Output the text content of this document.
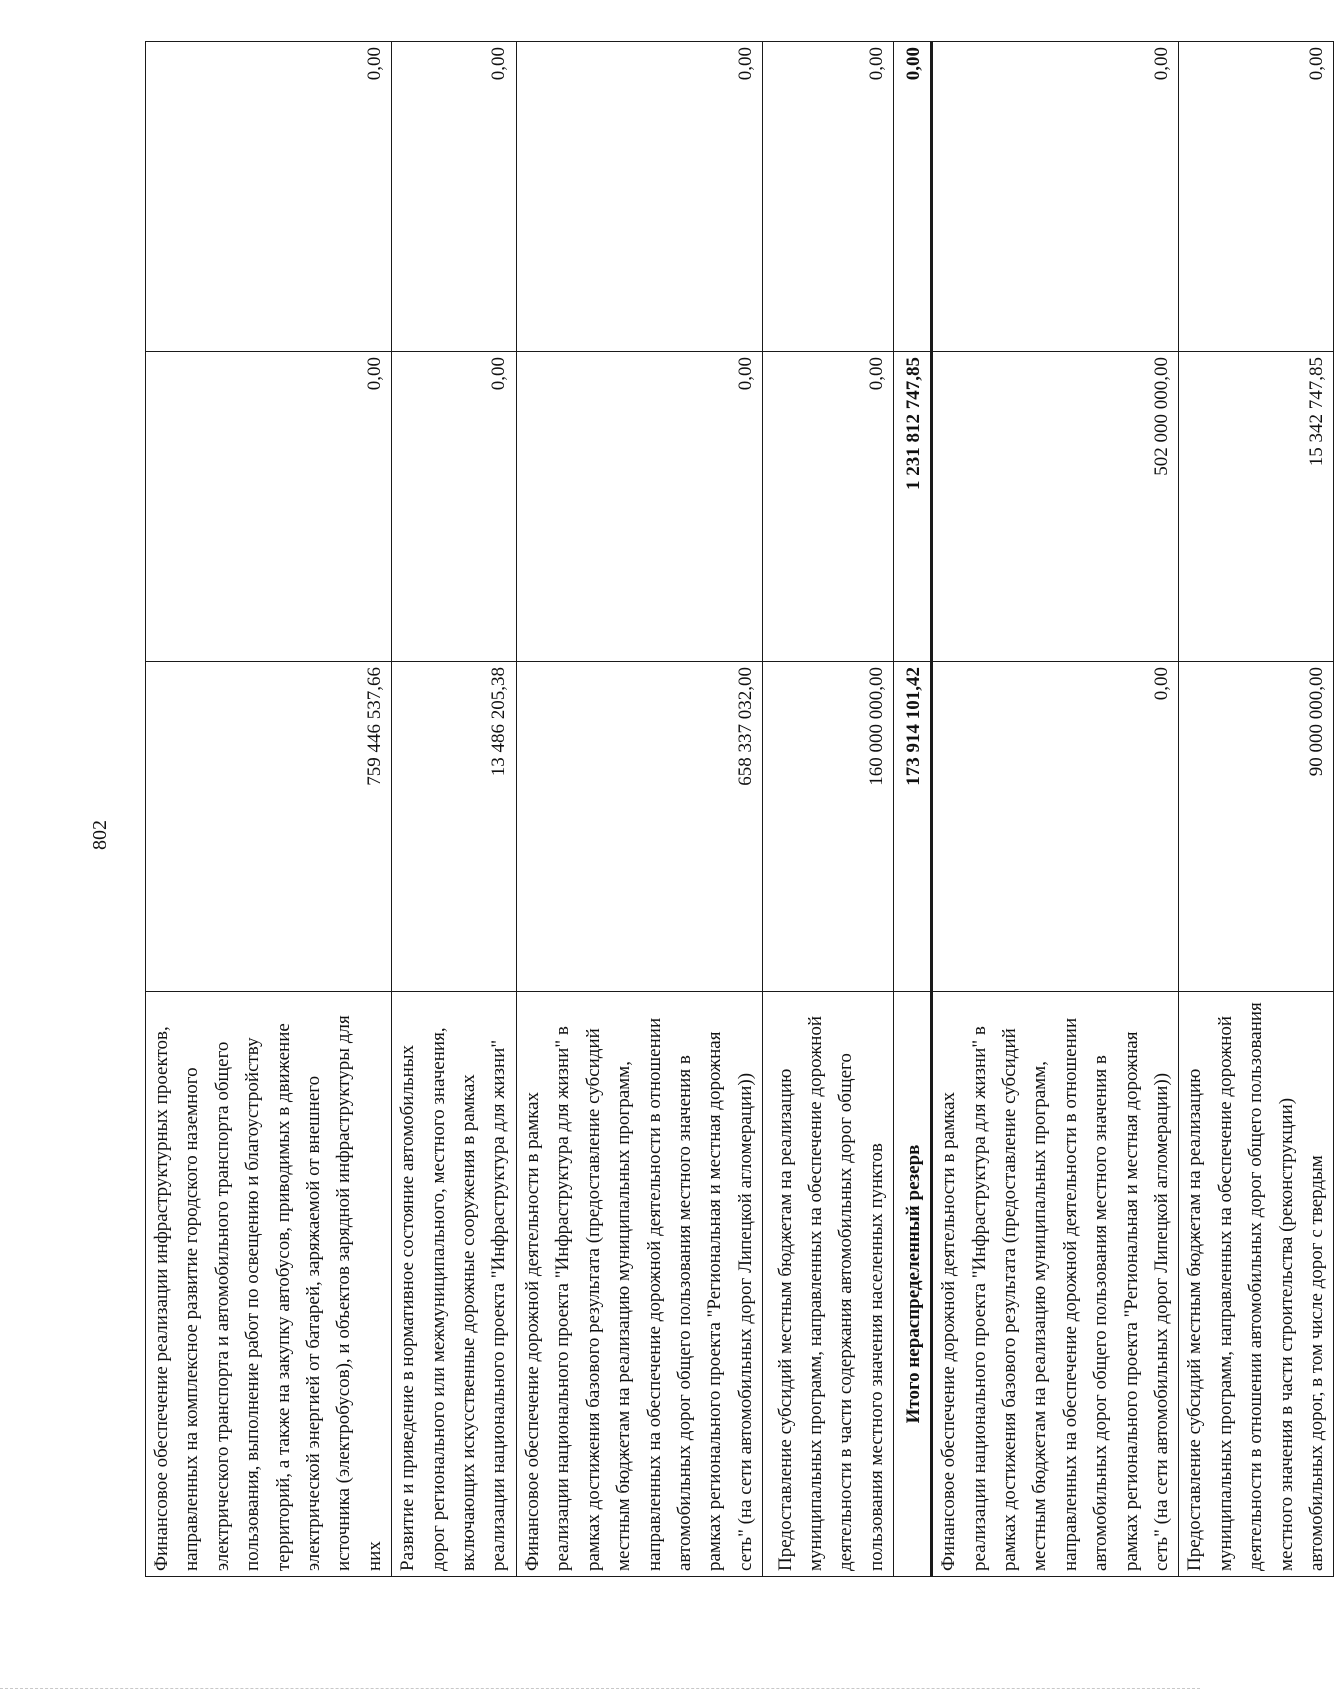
802
Финансовое обеспечение реализации инфраструктурных проектов, направленных на комплексное развитие городского наземного электрического транспорта и автомобильного транспорта общего пользования, выполнение работ по освещению и благоустройству территорий, а также на закупку автобусов, приводимых в движение электрической энергией от батарей, заряжаемой от внешнего источника (электробусов), и объектов зарядной инфраструктуры для них	759 446 537,66	0,00	0,00
Развитие и приведение в нормативное состояние автомобильных дорог регионального или межмуниципального, местного значения, включающих искусственные дорожные сооружения в рамках реализации национального проекта "Инфраструктура для жизни"	13 486 205,38	0,00	0,00
Финансовое обеспечение дорожной деятельности в рамках реализации национального проекта "Инфраструктура для жизни" в рамках достижения базового результата (предоставление субсидий местным бюджетам на реализацию муниципальных программ, направленных на обеспечение дорожной деятельности в отношении автомобильных дорог общего пользования местного значения в рамках регионального проекта "Региональная и местная дорожная сеть" (на сети автомобильных дорог Липецкой агломерации))	658 337 032,00	0,00	0,00
Предоставление субсидий местным бюджетам на реализацию муниципальных программ, направленных на обеспечение дорожной деятельности в части содержания автомобильных дорог общего пользования местного значения населенных пунктов	160 000 000,00	0,00	0,00
Итого нераспределенный резерв	173 914 101,42	1 231 812 747,85	0,00
Финансовое обеспечение дорожной деятельности в рамках реализации национального проекта "Инфраструктура для жизни" в рамках достижения базового результата (предоставление субсидий местным бюджетам на реализацию муниципальных программ, направленных на обеспечение дорожной деятельности в отношении автомобильных дорог общего пользования местного значения в рамках регионального проекта "Региональная и местная дорожная сеть" (на сети автомобильных дорог Липецкой агломерации))	0,00	502 000 000,00	0,00
Предоставление субсидий местным бюджетам на реализацию муниципальных программ, направленных на обеспечение дорожной деятельности в отношении автомобильных дорог общего пользования местного значения в части строительства (реконструкции) автомобильных дорог, в том числе дорог с твердым	90 000 000,00	15 342 747,85	0,00
